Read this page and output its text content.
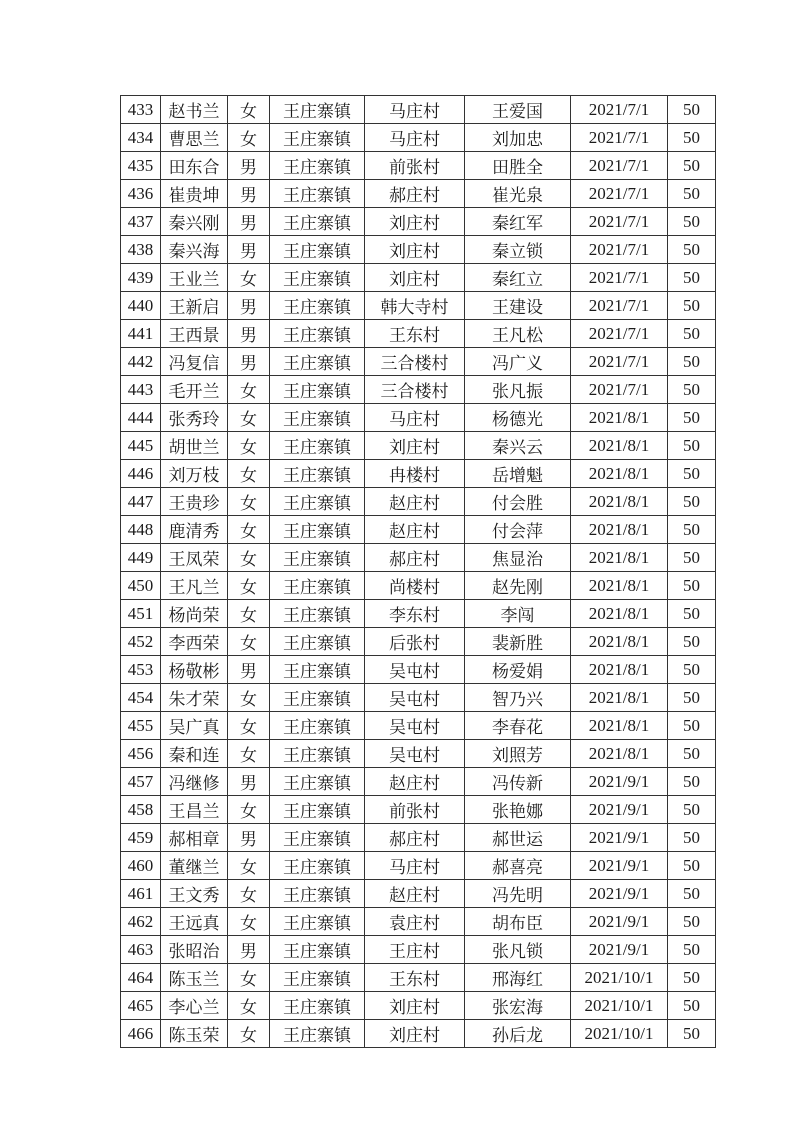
433	赵书兰	女	王庄寨镇	马庄村	王爱国	2021/7/1	50
434	曹思兰	女	王庄寨镇	马庄村	刘加忠	2021/7/1	50
435	田东合	男	王庄寨镇	前张村	田胜全	2021/7/1	50
436	崔贵坤	男	王庄寨镇	郝庄村	崔光泉	2021/7/1	50
437	秦兴刚	男	王庄寨镇	刘庄村	秦红军	2021/7/1	50
438	秦兴海	男	王庄寨镇	刘庄村	秦立锁	2021/7/1	50
439	王业兰	女	王庄寨镇	刘庄村	秦红立	2021/7/1	50
440	王新启	男	王庄寨镇	韩大寺村	王建设	2021/7/1	50
441	王西景	男	王庄寨镇	王东村	王凡松	2021/7/1	50
442	冯复信	男	王庄寨镇	三合楼村	冯广义	2021/7/1	50
443	毛开兰	女	王庄寨镇	三合楼村	张凡振	2021/7/1	50
444	张秀玲	女	王庄寨镇	马庄村	杨德光	2021/8/1	50
445	胡世兰	女	王庄寨镇	刘庄村	秦兴云	2021/8/1	50
446	刘万枝	女	王庄寨镇	冉楼村	岳增魁	2021/8/1	50
447	王贵珍	女	王庄寨镇	赵庄村	付会胜	2021/8/1	50
448	鹿清秀	女	王庄寨镇	赵庄村	付会萍	2021/8/1	50
449	王凤荣	女	王庄寨镇	郝庄村	焦显治	2021/8/1	50
450	王凡兰	女	王庄寨镇	尚楼村	赵先刚	2021/8/1	50
451	杨尚荣	女	王庄寨镇	李东村	李闯	2021/8/1	50
452	李西荣	女	王庄寨镇	后张村	裴新胜	2021/8/1	50
453	杨敬彬	男	王庄寨镇	吴屯村	杨爱娟	2021/8/1	50
454	朱才荣	女	王庄寨镇	吴屯村	智乃兴	2021/8/1	50
455	吴广真	女	王庄寨镇	吴屯村	李春花	2021/8/1	50
456	秦和连	女	王庄寨镇	吴屯村	刘照芳	2021/8/1	50
457	冯继修	男	王庄寨镇	赵庄村	冯传新	2021/9/1	50
458	王昌兰	女	王庄寨镇	前张村	张艳娜	2021/9/1	50
459	郝相章	男	王庄寨镇	郝庄村	郝世运	2021/9/1	50
460	董继兰	女	王庄寨镇	马庄村	郝喜亮	2021/9/1	50
461	王文秀	女	王庄寨镇	赵庄村	冯先明	2021/9/1	50
462	王远真	女	王庄寨镇	袁庄村	胡布臣	2021/9/1	50
463	张昭治	男	王庄寨镇	王庄村	张凡锁	2021/9/1	50
464	陈玉兰	女	王庄寨镇	王东村	邢海红	2021/10/1	50
465	李心兰	女	王庄寨镇	刘庄村	张宏海	2021/10/1	50
466	陈玉荣	女	王庄寨镇	刘庄村	孙后龙	2021/10/1	50
